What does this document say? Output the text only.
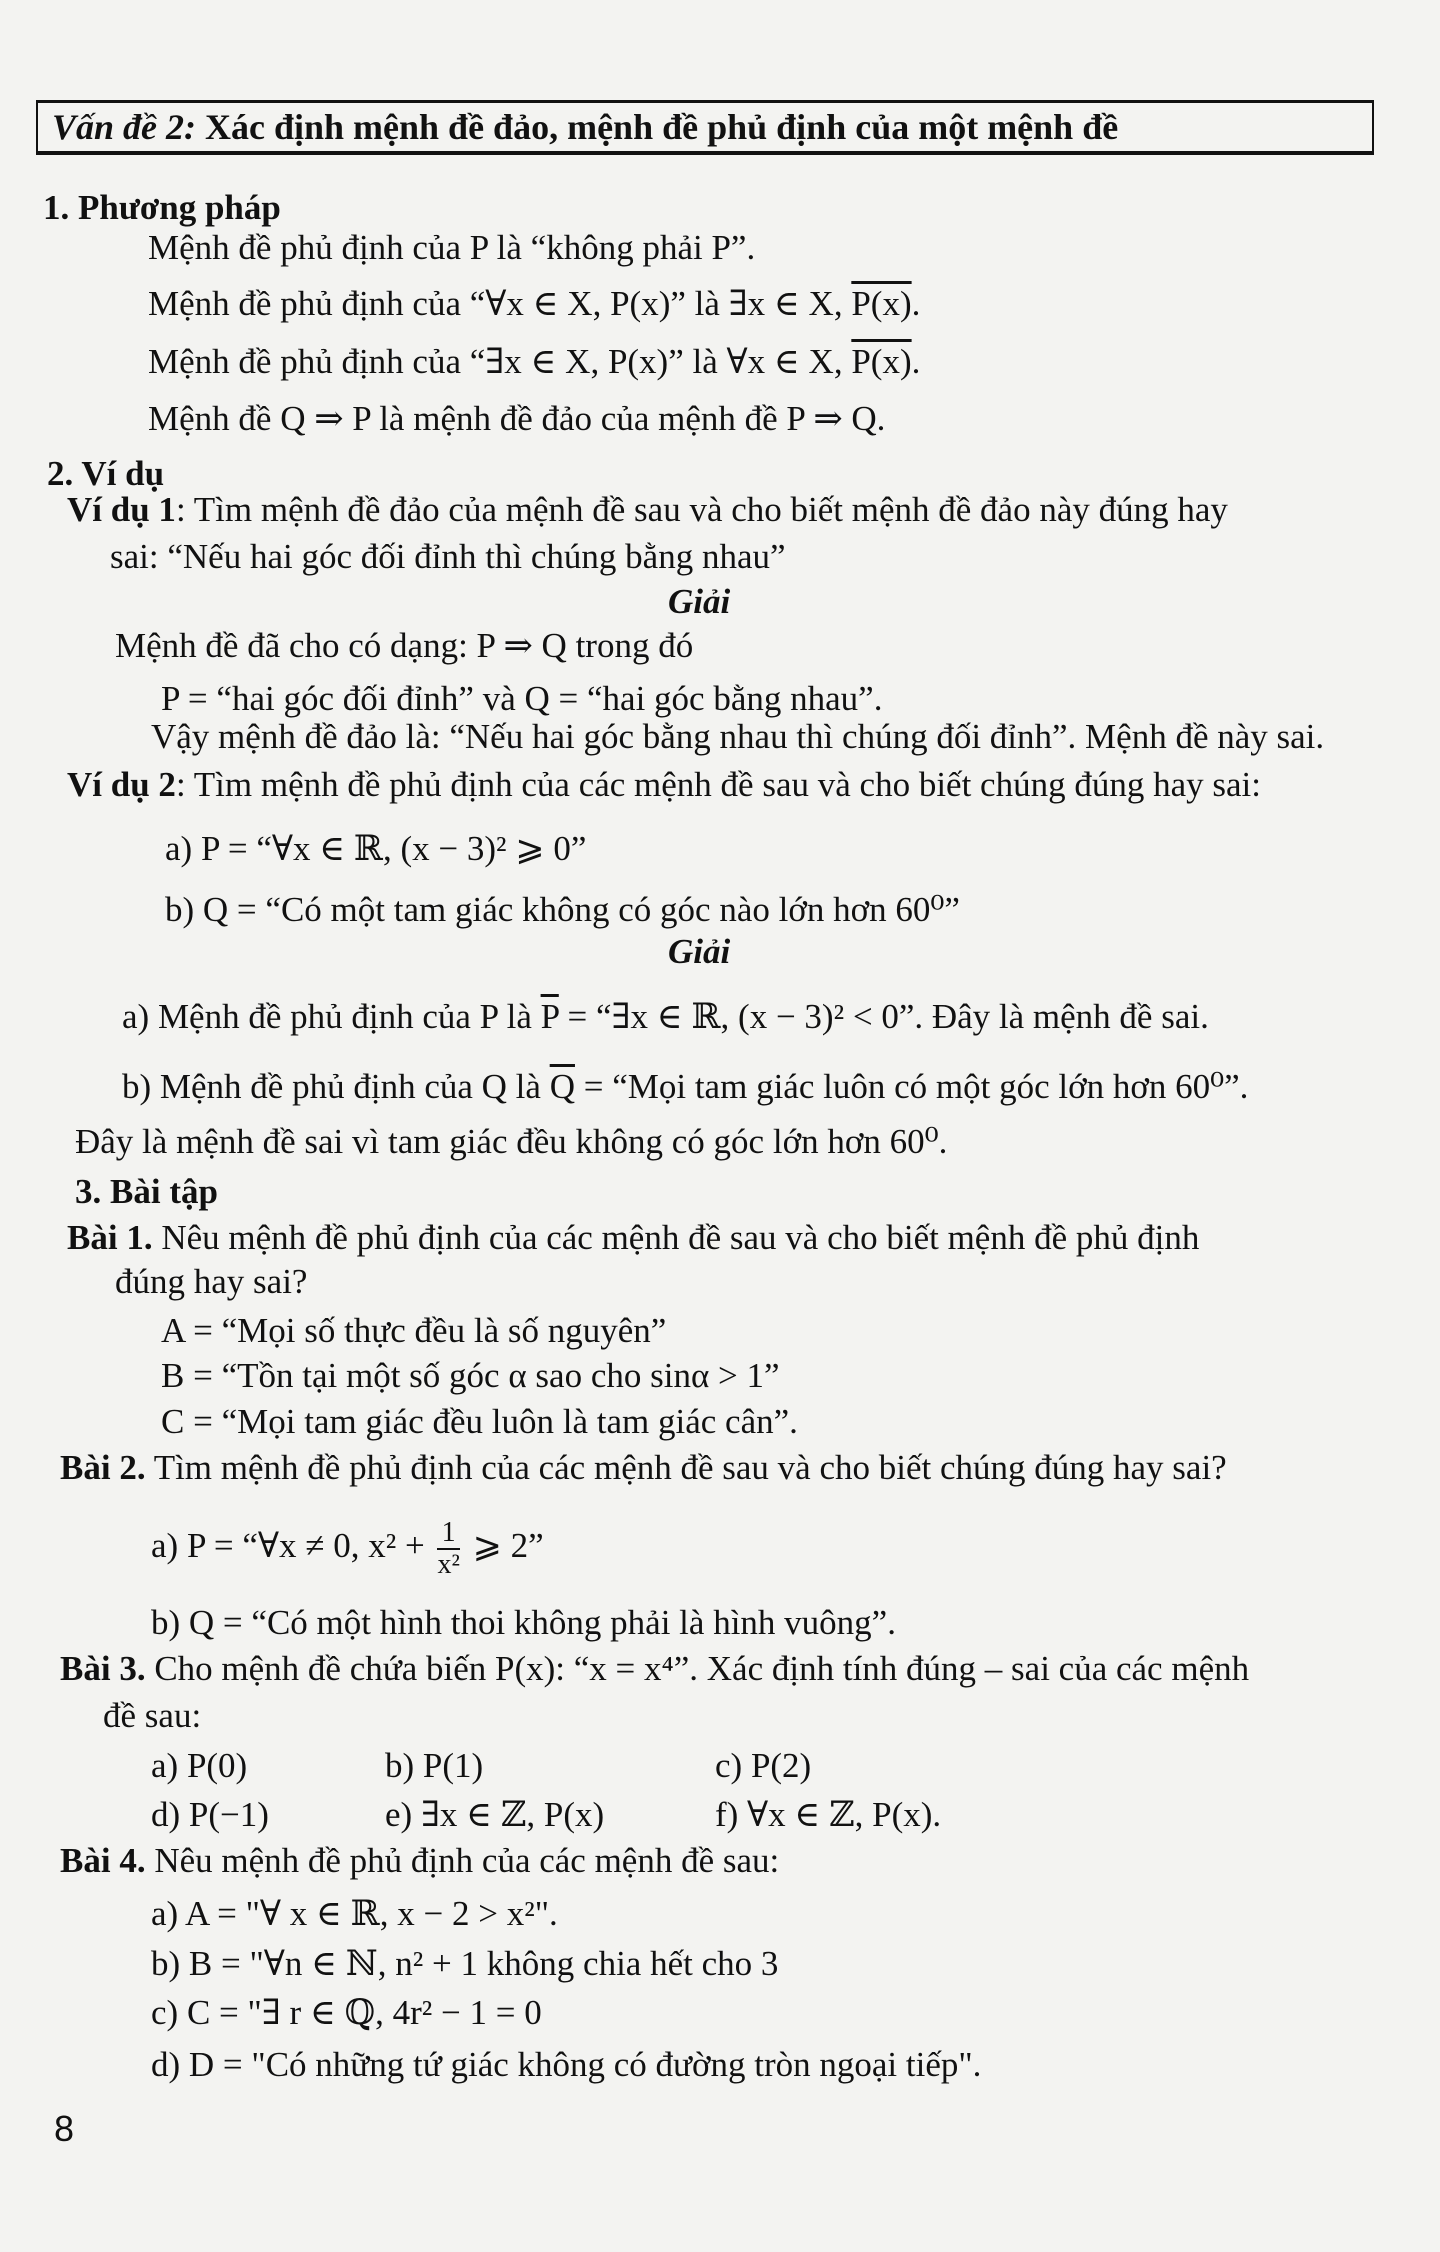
Vấn đề 2: Xác định mệnh đề đảo, mệnh đề phủ định của một mệnh đề
1. Phương pháp
Mệnh đề phủ định của P là “không phải P”.
Mệnh đề phủ định của “∀x ∈ X, P(x)” là ∃x ∈ X, P(x).
Mệnh đề phủ định của “∃x ∈ X, P(x)” là ∀x ∈ X, P(x).
Mệnh đề Q ⇒ P là mệnh đề đảo của mệnh đề P ⇒ Q.
2. Ví dụ
Ví dụ 1: Tìm mệnh đề đảo của mệnh đề sau và cho biết mệnh đề đảo này đúng hay
sai: “Nếu hai góc đối đỉnh thì chúng bằng nhau”
Giải
Mệnh đề đã cho có dạng: P ⇒ Q trong đó
P = “hai góc đối đỉnh” và Q = “hai góc bằng nhau”.
Vậy mệnh đề đảo là: “Nếu hai góc bằng nhau thì chúng đối đỉnh”. Mệnh đề này sai.
Ví dụ 2: Tìm mệnh đề phủ định của các mệnh đề sau và cho biết chúng đúng hay sai:
a) P = “∀x ∈ ℝ, (x − 3)² ⩾ 0”
b) Q = “Có một tam giác không có góc nào lớn hơn 60⁰”
Giải
a) Mệnh đề phủ định của P là $\overline{P}$ = “∃x ∈ ℝ, (x − 3)² < 0”. Đây là mệnh đề sai.
b) Mệnh đề phủ định của Q là $\overline{Q}$ = “Mọi tam giác luôn có một góc lớn hơn 60⁰”.
Đây là mệnh đề sai vì tam giác đều không có góc lớn hơn 60⁰.
3. Bài tập
Bài 1. Nêu mệnh đề phủ định của các mệnh đề sau và cho biết mệnh đề phủ định
đúng hay sai?
A = “Mọi số thực đều là số nguyên”
B = “Tồn tại một số góc α sao cho sinα > 1”
C = “Mọi tam giác đều luôn là tam giác cân”.
Bài 2. Tìm mệnh đề phủ định của các mệnh đề sau và cho biết chúng đúng hay sai?
a) P = “∀x ≠ 0, $x^2 + \frac{1}{\text{x²}}$ ⩾ 2”
b) Q = “Có một hình thoi không phải là hình vuông”.
Bài 3. Cho mệnh đề chứa biến P(x): “x = x⁴”. Xác định tính đúng – sai của các mệnh
đề sau:
a) P(0)	b) P(1)	c) P(2)
d) P(−1)	e) ∃x ∈ ℤ, P(x)	f) ∀x ∈ ℤ, P(x).
Bài 4. Nêu mệnh đề phủ định của các mệnh đề sau:
a) A = "∀ x ∈ ℝ, x − 2 > x²".
b) B = "∀n ∈ ℕ, n² + 1 không chia hết cho 3
c) C = "∃ r ∈ ℚ, 4r² − 1 = 0
d) D = "Có những tứ giác không có đường tròn ngoại tiếp".
8
